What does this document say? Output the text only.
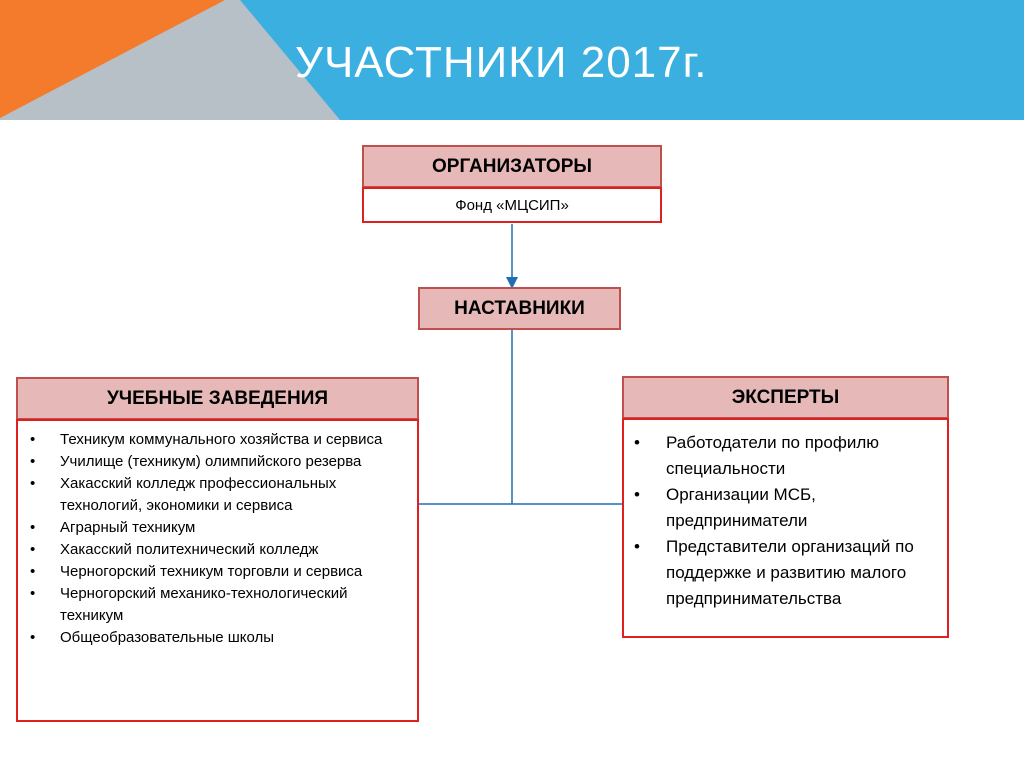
УЧАСТНИКИ 2017г.
ОРГАНИЗАТОРЫ
Фонд «МЦСИП»
НАСТАВНИКИ
УЧЕБНЫЕ ЗАВЕДЕНИЯ
• Техникум коммунального хозяйства и сервиса
• Училище (техникум) олимпийского резерва
• Хакасский колледж профессиональных технологий, экономики и сервиса
• Аграрный техникум
• Хакасский политехнический колледж
• Черногорский техникум торговли и сервиса
• Черногорский механико-технологический техникум
• Общеобразовательные школы
ЭКСПЕРТЫ
• Работодатели по профилю специальности
• Организации МСБ, предприниматели
• Представители организаций по поддержке и развитию малого предпринимательства
